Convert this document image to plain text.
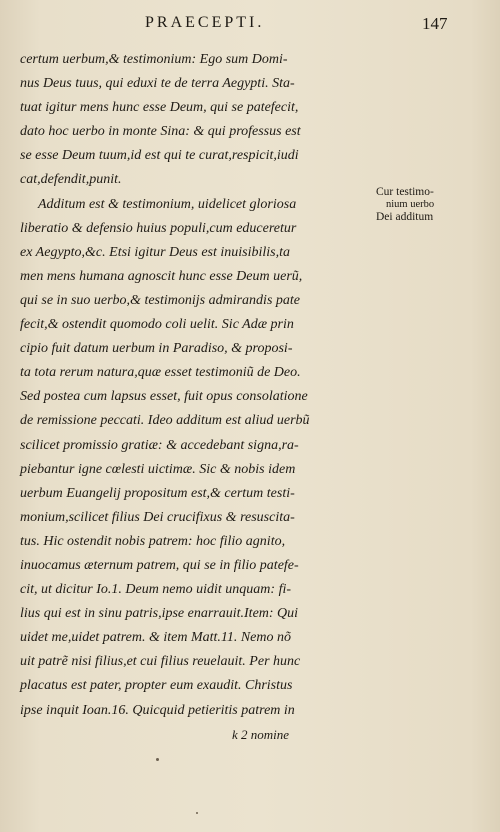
PRAECEPTI.	147
certum uerbum,& testimonium: Ego sum Domi-
nus Deus tuus, qui eduxi te de terra Aegypti. Sta-
tuat igitur mens hunc esse Deum, qui se patefecit,
dato hoc uerbo in monte Sina: & qui professus est
se esse Deum tuum,id est qui te curat,respicit,iudi
cat,defendit,punit.
Additum est & testimonium, uidelicet gloriosa
liberatio & defensio huius populi,cum educeretur
ex Aegypto,&c. Etsi igitur Deus est inuisibilis,ta
men mens humana agnoscit hunc esse Deum uerũ,
qui se in suo uerbo,& testimonijs admirandis pate
fecit,& ostendit quomodo coli uelit. Sic Adæ prin
cipio fuit datum uerbum in Paradiso, & proposi-
ta tota rerum natura,quæ esset testimoniũ de Deo.
Sed postea cum lapsus esset, fuit opus consolatione
de remissione peccati. Ideo additum est aliud uerbũ
scilicet promissio gratiæ: & accedebant signa,ra-
piebantur igne cœlesti uictimæ. Sic & nobis idem
uerbum Euangelij propositum est,& certum testi-
monium,scilicet filius Dei crucifixus & resuscita-
tus. Hic ostendit nobis patrem: hoc filio agnito,
inuocamus æternum patrem, qui se in filio patefe-
cit, ut dicitur Io.1. Deum nemo uidit unquam: fi-
lius qui est in sinu patris,ipse enarrauit.Item: Qui
uidet me,uidet patrem. & item Matt.11. Nemo nõ
uit patrẽ nisi filius,et cui filius reuelauit. Per hunc
placatus est pater, propter eum exaudit. Christus
ipse inquit Ioan.16. Quicquid petieritis patrem in
k 2 nomine
Cur testimo-
nium uerbo
Dei additum
